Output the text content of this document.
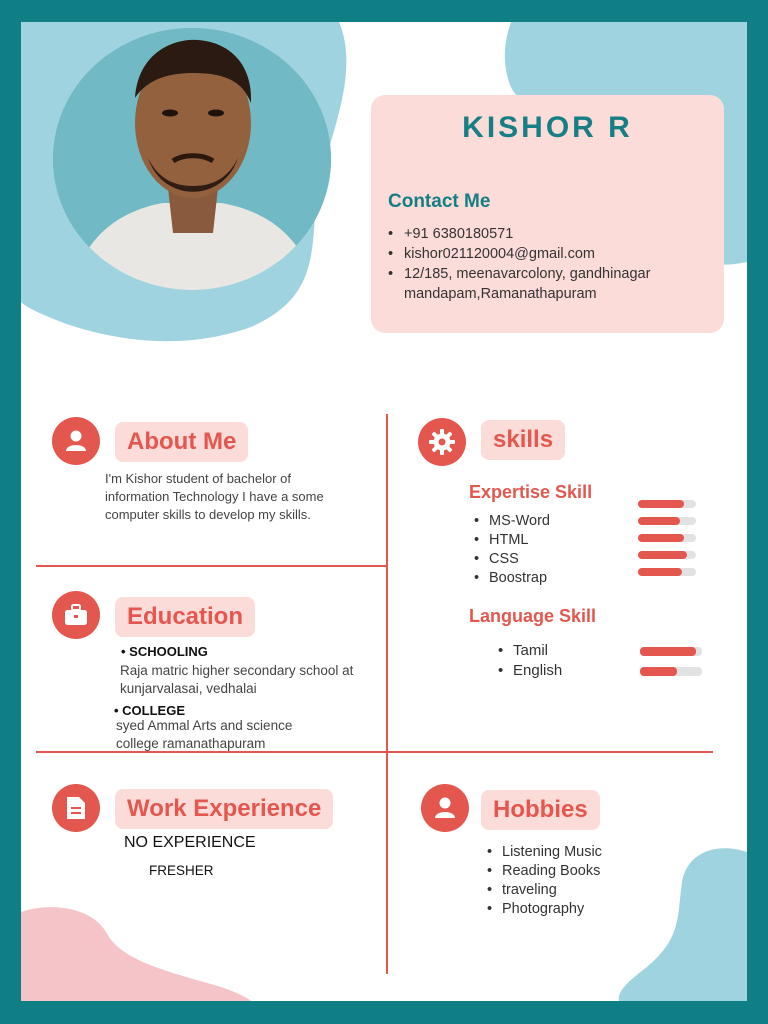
KISHOR R
Contact Me
• +91 6380180571
• kishor021120004@gmail.com
• 12/185, meenavarcolony, gandhinagar mandapam,Ramanathapuram
About Me
I'm Kishor student of bachelor of information Technology I have a some computer skills to develop my skills.
Education
• SCHOOLING
Raja matric higher secondary school at kunjarvalasai, vedhalai
• COLLEGE
syed Ammal Arts and science college ramanathapuram
Work Experience
NO EXPERIENCE
FRESHER
skills
Expertise Skill
• MS-Word
• HTML
• CSS
• Boostrap
Language Skill
• Tamil
• English
Hobbies
• Listening Music
• Reading Books
• traveling
• Photography
